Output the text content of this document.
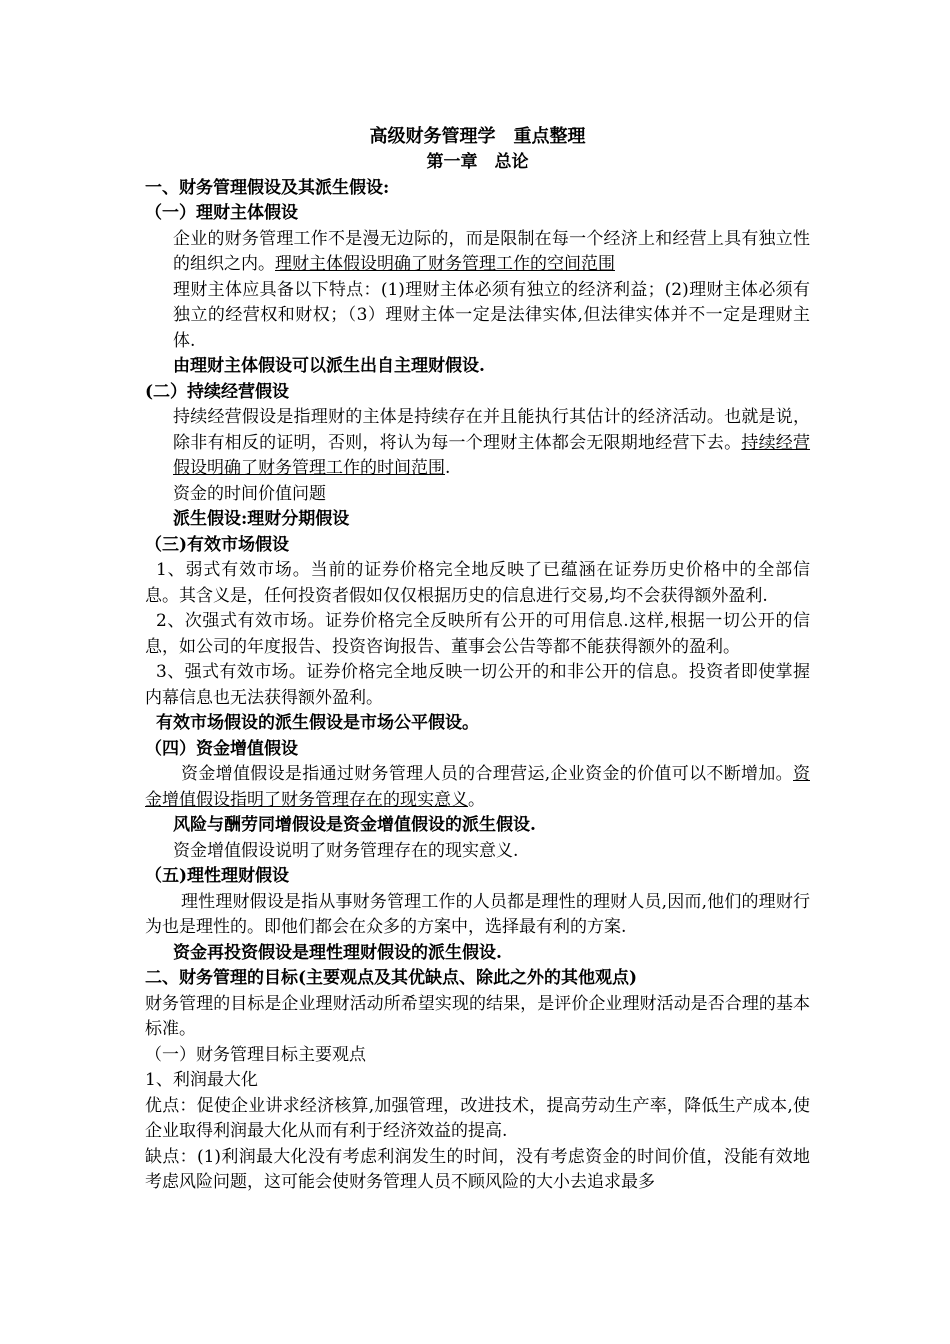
高级财务管理学　重点整理

第一章　总论

一、财务管理假设及其派生假设:

（一）理财主体假设

企业的财务管理工作不是漫无边际的，而是限制在每一个经济上和经营上具有独立性的组织之内。理财主体假设明确了财务管理工作的空间范围

理财主体应具备以下特点：(1)理财主体必须有独立的经济利益；(2)理财主体必须有独立的经营权和财权；（3）理财主体一定是法律实体,但法律实体并不一定是理财主体.

由理财主体假设可以派生出自主理财假设.

(二）持续经营假设

持续经营假设是指理财的主体是持续存在并且能执行其估计的经济活动。也就是说，除非有相反的证明，否则，将认为每一个理财主体都会无限期地经营下去。持续经营假设明确了财务管理工作的时间范围.

资金的时间价值问题

派生假设:理财分期假设

（三)有效市场假设

1、弱式有效市场。当前的证券价格完全地反映了已蕴涵在证券历史价格中的全部信息。其含义是，任何投资者假如仅仅根据历史的信息进行交易,均不会获得额外盈利.

2、次强式有效市场。证券价格完全反映所有公开的可用信息.这样,根据一切公开的信息，如公司的年度报告、投资咨询报告、董事会公告等都不能获得额外的盈利。

3、强式有效市场。证券价格完全地反映一切公开的和非公开的信息。投资者即使掌握内幕信息也无法获得额外盈利。

有效市场假设的派生假设是市场公平假设。

（四）资金增值假设

资金增值假设是指通过财务管理人员的合理营运,企业资金的价值可以不断增加。资金增值假设指明了财务管理存在的现实意义。

风险与酬劳同增假设是资金增值假设的派生假设.

资金增值假设说明了财务管理存在的现实意义.

（五)理性理财假设

理性理财假设是指从事财务管理工作的人员都是理性的理财人员,因而,他们的理财行为也是理性的。即他们都会在众多的方案中，选择最有利的方案.

资金再投资假设是理性理财假设的派生假设.

二、财务管理的目标(主要观点及其优缺点、除此之外的其他观点)

财务管理的目标是企业理财活动所希望实现的结果，是评价企业理财活动是否合理的基本标准。

（一）财务管理目标主要观点

1、利润最大化

优点：促使企业讲求经济核算,加强管理，改进技术，提高劳动生产率，降低生产成本,使企业取得利润最大化从而有利于经济效益的提高.

缺点：(1)利润最大化没有考虑利润发生的时间，没有考虑资金的时间价值，没能有效地考虑风险问题，这可能会使财务管理人员不顾风险的大小去追求最多
